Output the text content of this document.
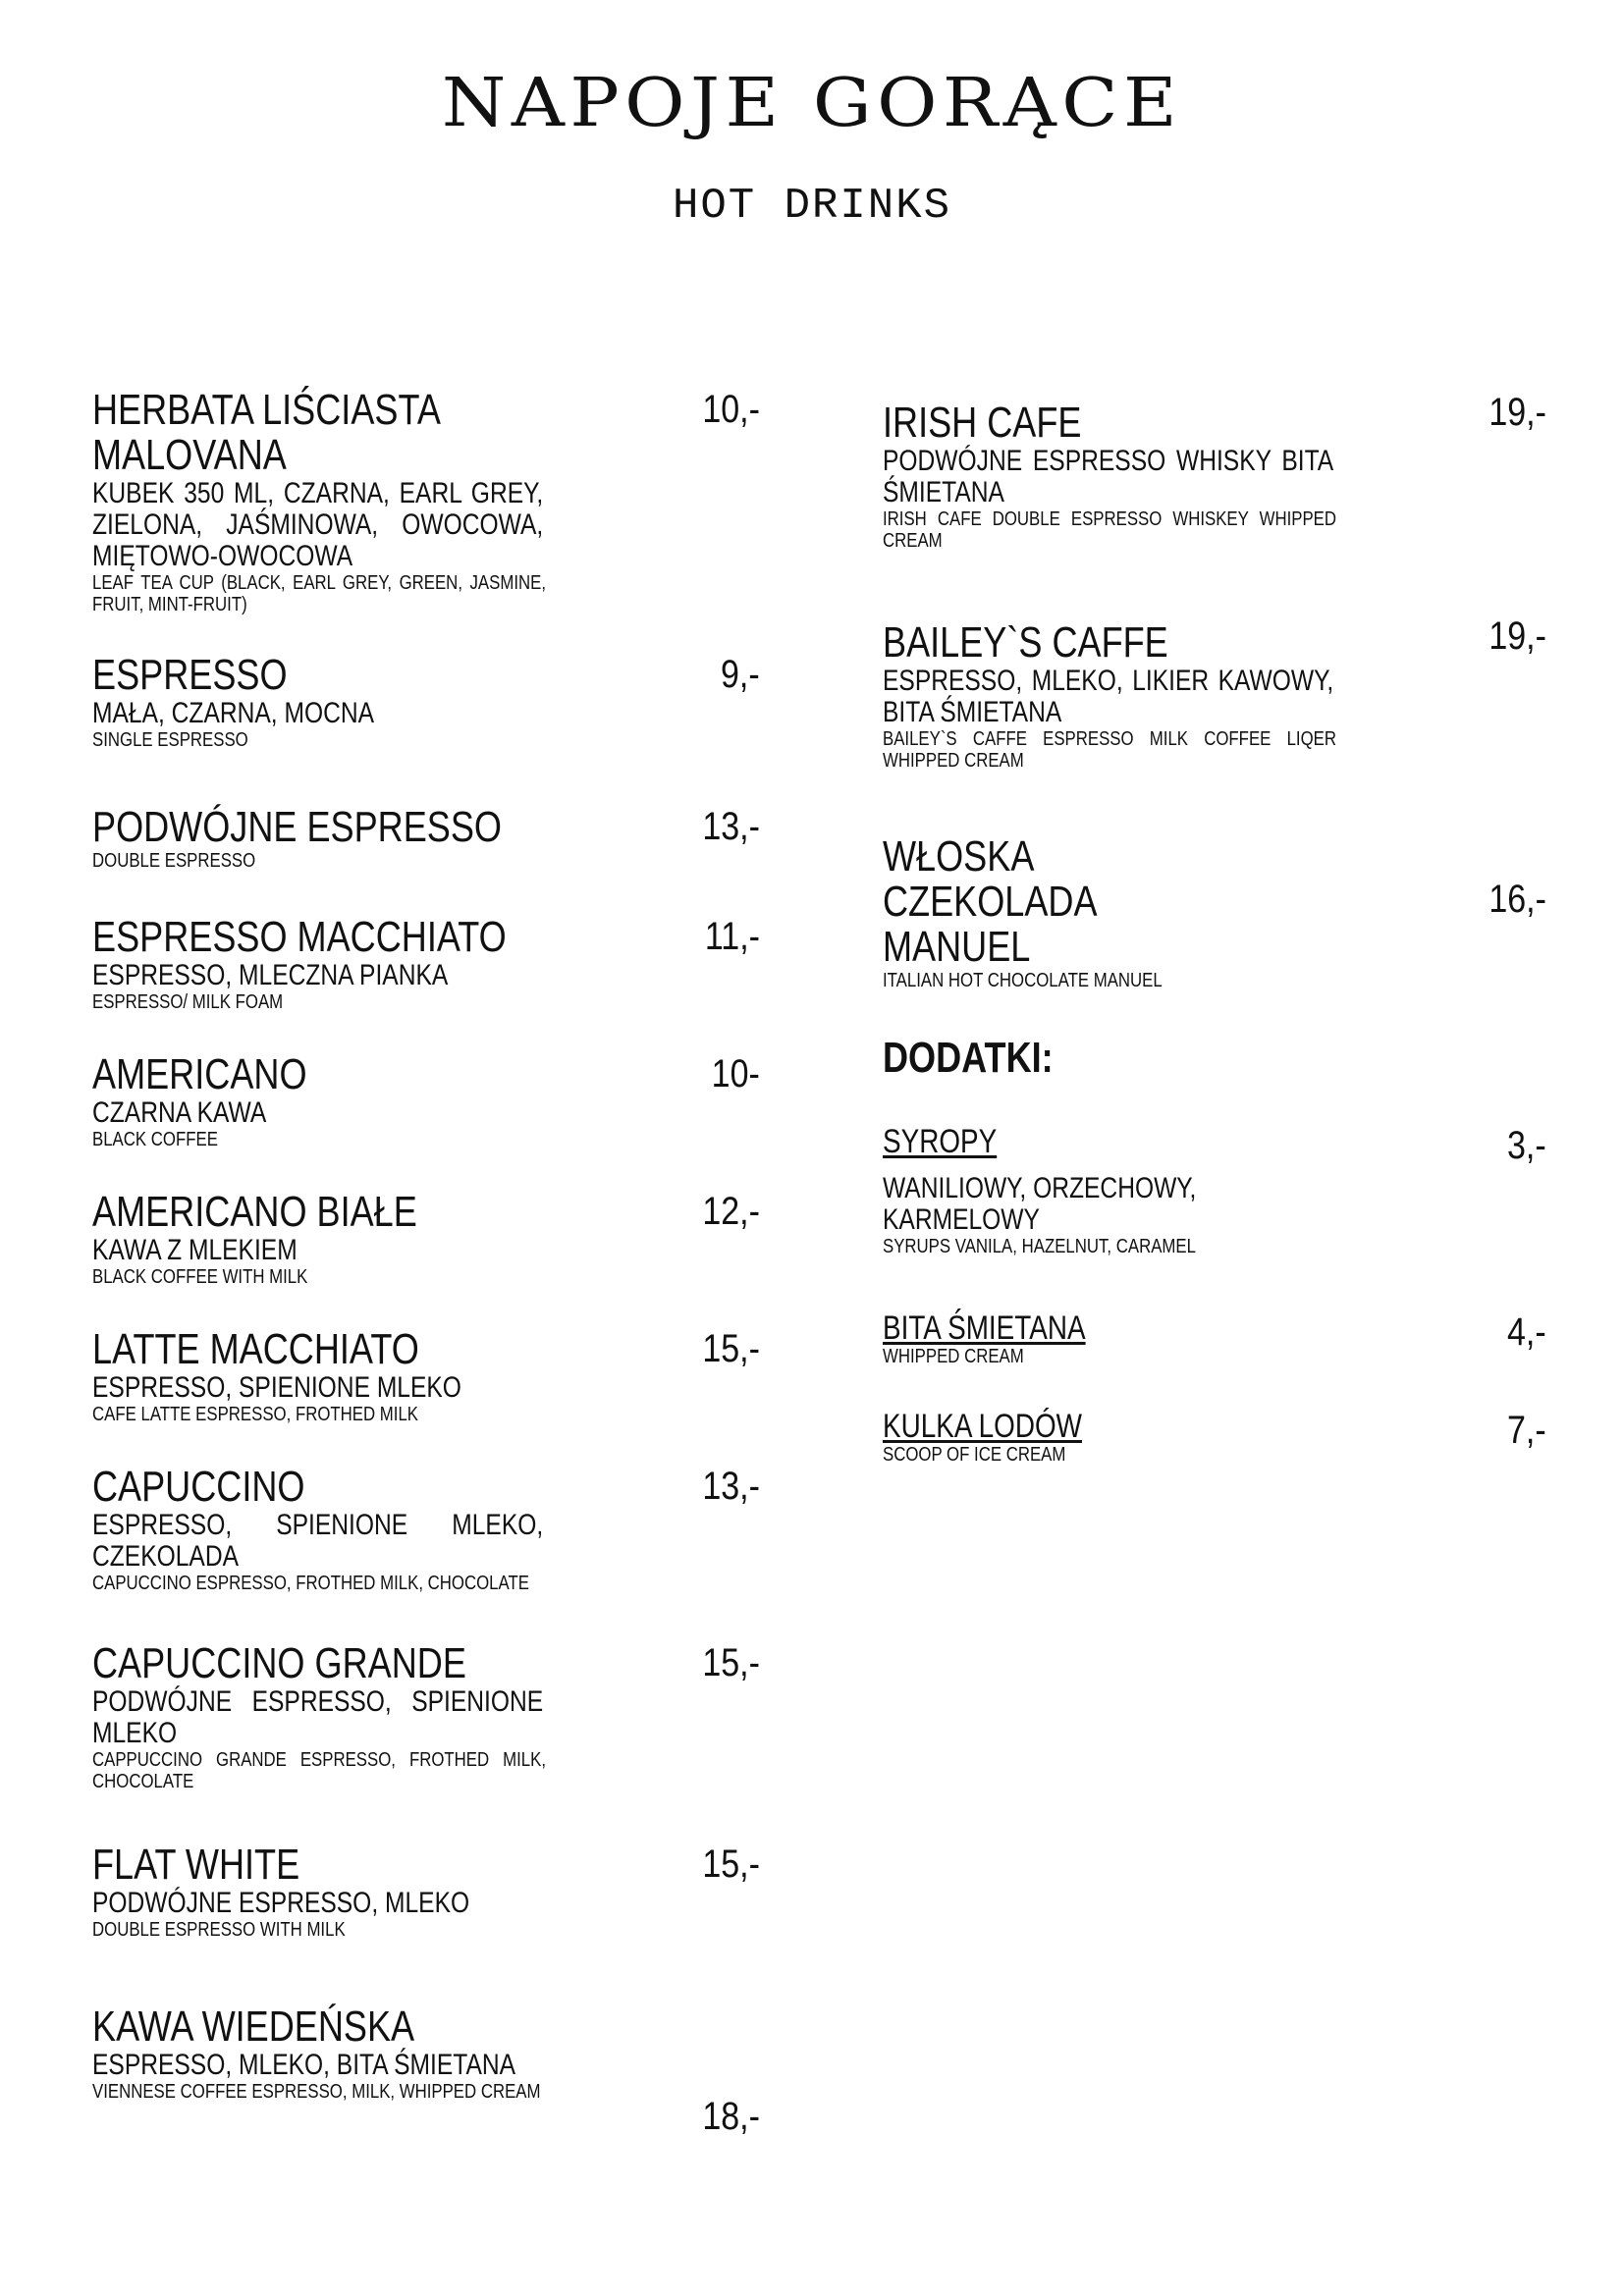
NAPOJE GORĄCE
HOT DRINKS
HERBATA LIŚCIASTA MALOVANA
KUBEK 350 ML, CZARNA, EARL GREY, ZIELONA, JAŚMINOWA, OWOCOWA, MIĘTOWO-OWOCOWA
LEAF TEA CUP (BLACK, EARL GREY, GREEN, JASMINE, FRUIT, MINT-FRUIT)
10,-
ESPRESSO
MAŁA, CZARNA, MOCNA
SINGLE ESPRESSO
9,-
PODWÓJNE ESPRESSO
DOUBLE ESPRESSO
13,-
ESPRESSO MACCHIATO
ESPRESSO, MLECZNA PIANKA
ESPRESSO/ MILK FOAM
11,-
AMERICANO
CZARNA KAWA
BLACK COFFEE
10-
AMERICANO BIAŁE
KAWA Z MLEKIEM
BLACK COFFEE WITH MILK
12,-
LATTE MACCHIATO
ESPRESSO, SPIENIONE MLEKO
CAFE LATTE ESPRESSO, FROTHED MILK
15,-
CAPUCCINO
ESPRESSO, SPIENIONE MLEKO, CZEKOLADA
CAPUCCINO ESPRESSO, FROTHED MILK, CHOCOLATE
13,-
CAPUCCINO GRANDE
PODWÓJNE ESPRESSO, SPIENIONE MLEKO
CAPPUCCINO GRANDE ESPRESSO, FROTHED MILK, CHOCOLATE
15,-
FLAT WHITE
PODWÓJNE ESPRESSO, MLEKO
DOUBLE ESPRESSO WITH MILK
15,-
KAWA WIEDEŃSKA
ESPRESSO, MLEKO, BITA ŚMIETANA
VIENNESE COFFEE ESPRESSO, MILK, WHIPPED CREAM
18,-
IRISH CAFE
PODWÓJNE ESPRESSO WHISKY BITA ŚMIETANA
IRISH CAFE DOUBLE ESPRESSO WHISKEY WHIPPED CREAM
19,-
BAILEY`S CAFFE
ESPRESSO, MLEKO, LIKIER KAWOWY, BITA ŚMIETANA
BAILEY`S CAFFE ESPRESSO MILK COFFEE LIQER WHIPPED CREAM
19,-
WŁOSKA CZEKOLADA MANUEL
ITALIAN HOT CHOCOLATE MANUEL
16,-
DODATKI:
SYROPY
WANILIOWY, ORZECHOWY, KARMELOWY
SYRUPS VANILA, HAZELNUT, CARAMEL
3,-
BITA ŚMIETANA
WHIPPED CREAM
4,-
KULKA LODÓW
SCOOP OF ICE CREAM
7,-
